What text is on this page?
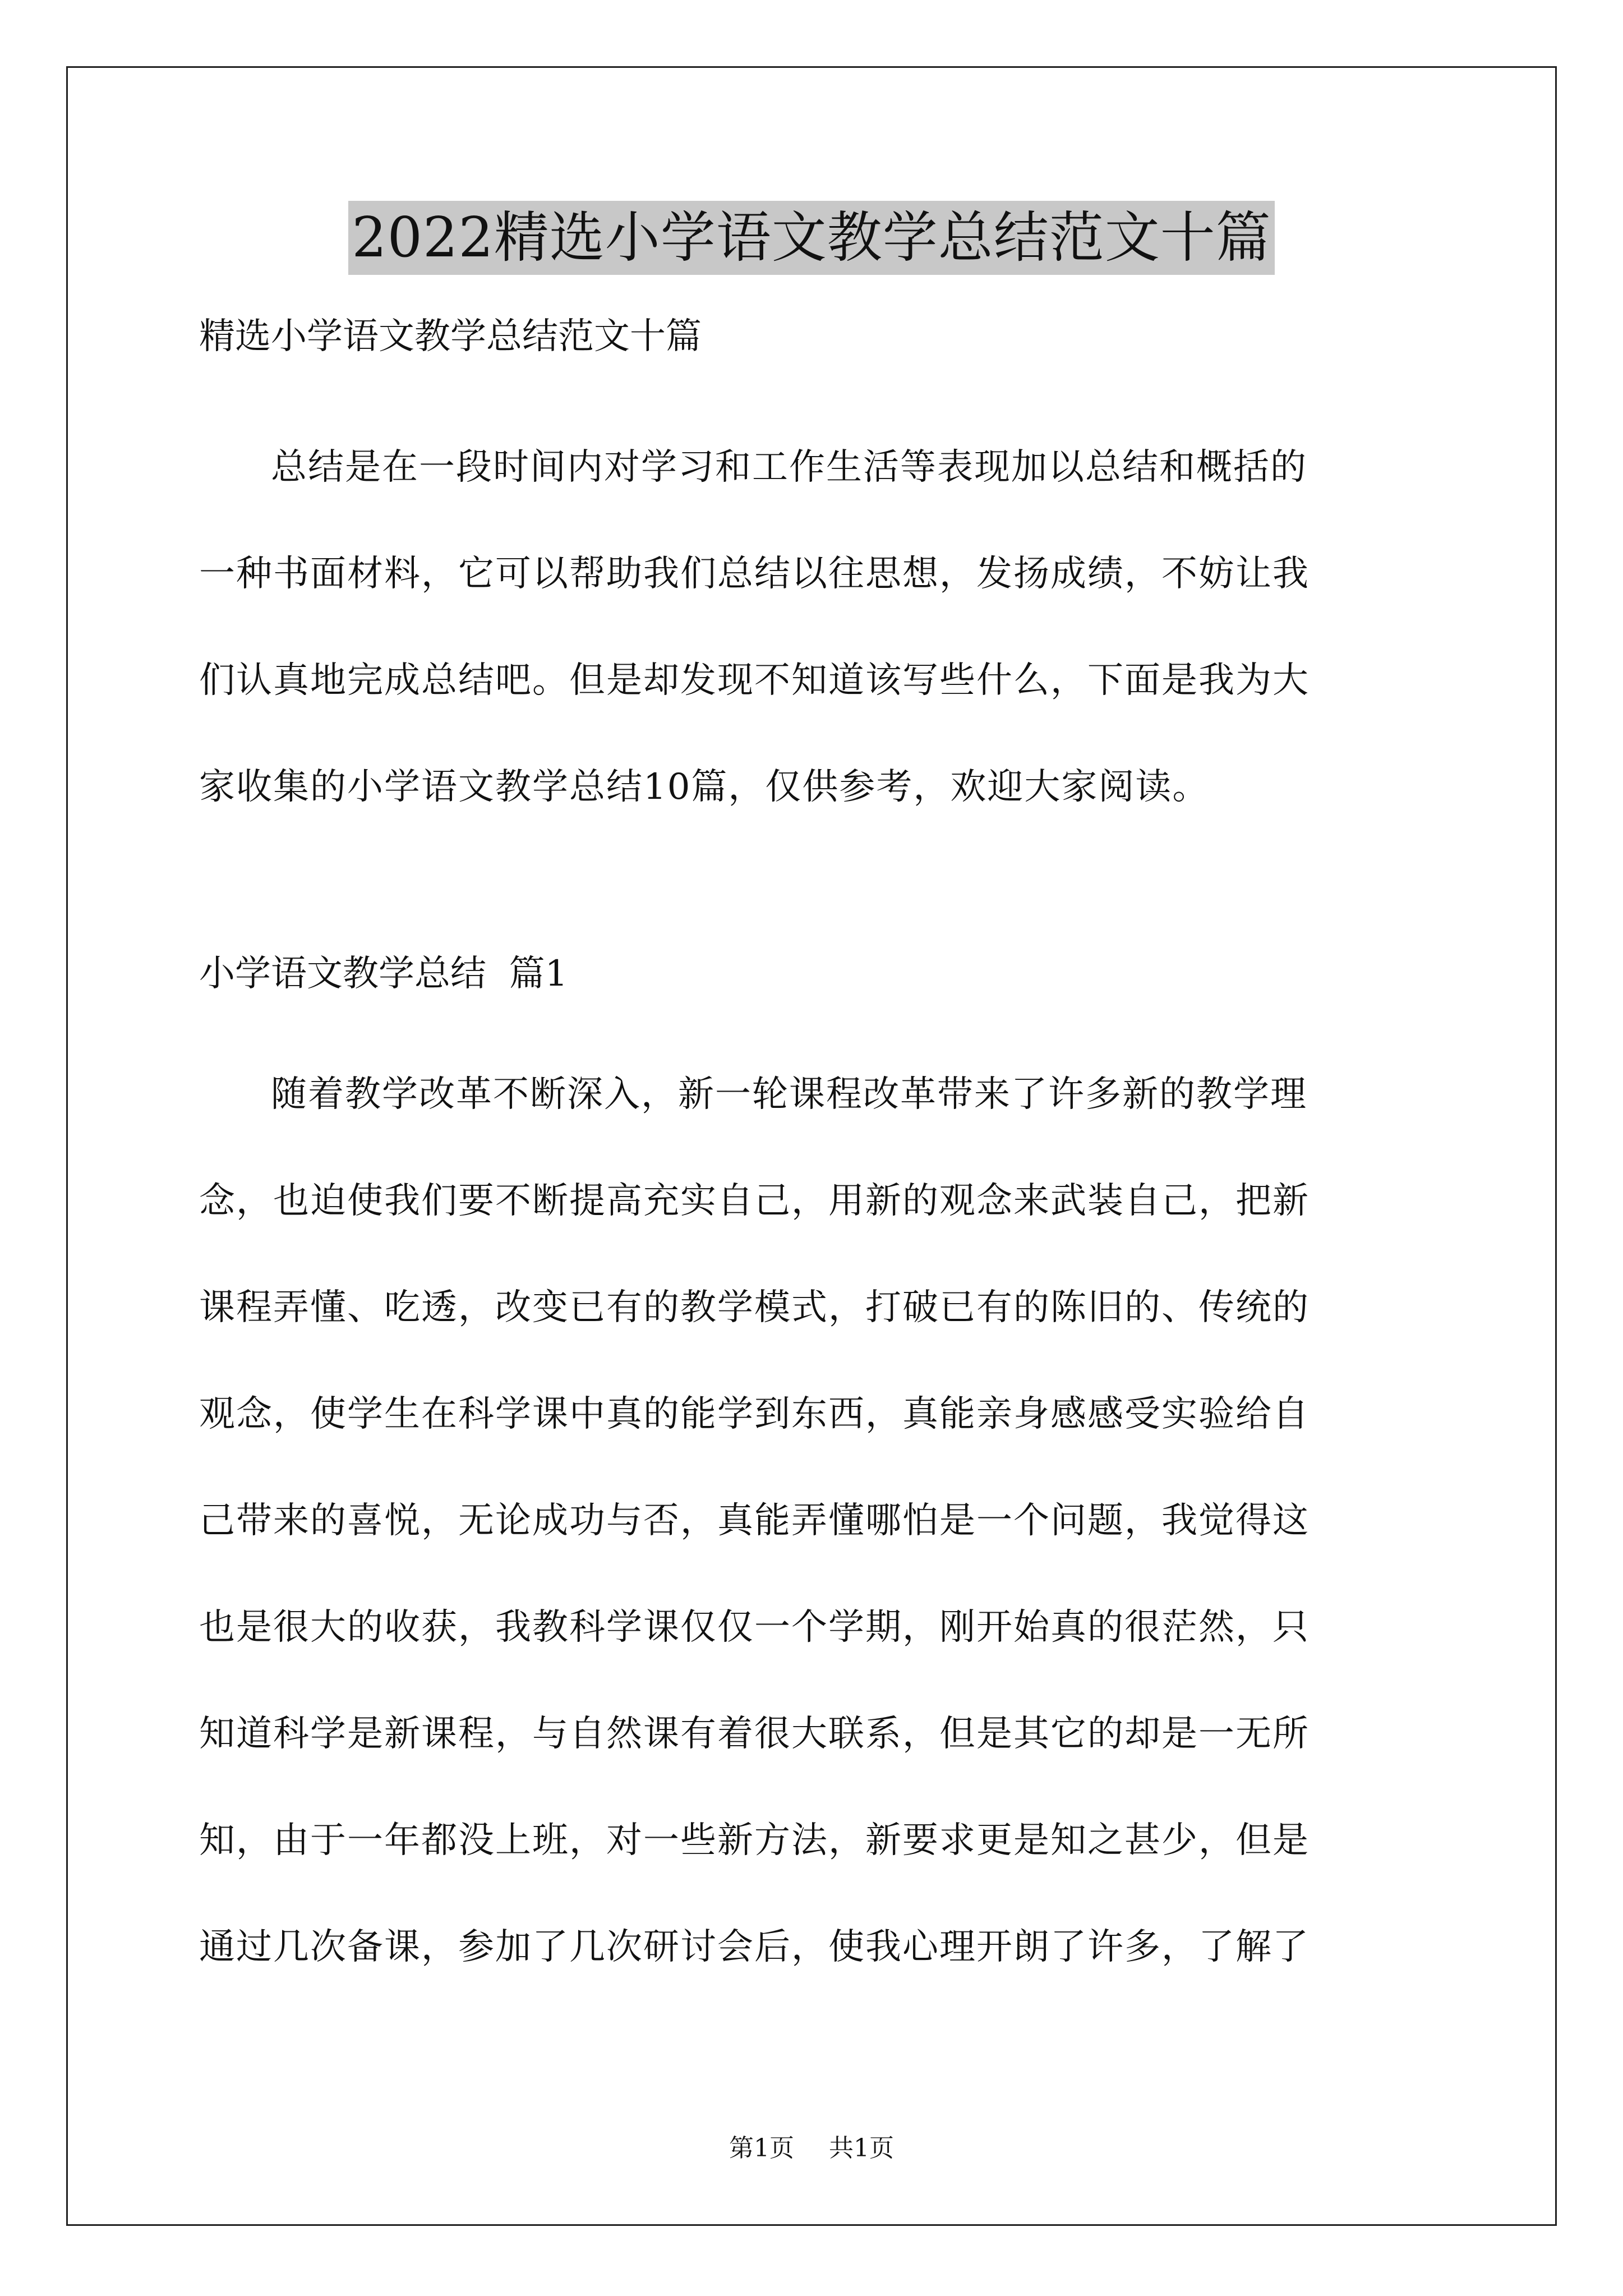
2022精选小学语文教学总结范文十篇
精选小学语文教学总结范文十篇

总结是在一段时间内对学习和工作生活等表现加以总结和概括的
一种书面材料，它可以帮助我们总结以往思想，发扬成绩，不妨让我
们认真地完成总结吧。但是却发现不知道该写些什么，下面是我为大
家收集的小学语文教学总结10篇，仅供参考，欢迎大家阅读。

小学语文教学总结  篇1

随着教学改革不断深入，新一轮课程改革带来了许多新的教学理
念，也迫使我们要不断提高充实自己，用新的观念来武装自己，把新
课程弄懂、吃透，改变已有的教学模式，打破已有的陈旧的、传统的
观念，使学生在科学课中真的能学到东西，真能亲身感感受实验给自
己带来的喜悦，无论成功与否，真能弄懂哪怕是一个问题，我觉得这
也是很大的收获，我教科学课仅仅一个学期，刚开始真的很茫然，只
知道科学是新课程，与自然课有着很大联系，但是其它的却是一无所
知，由于一年都没上班，对一些新方法，新要求更是知之甚少，但是
通过几次备课，参加了几次研讨会后，使我心理开朗了许多，了解了

第1页 共1页
